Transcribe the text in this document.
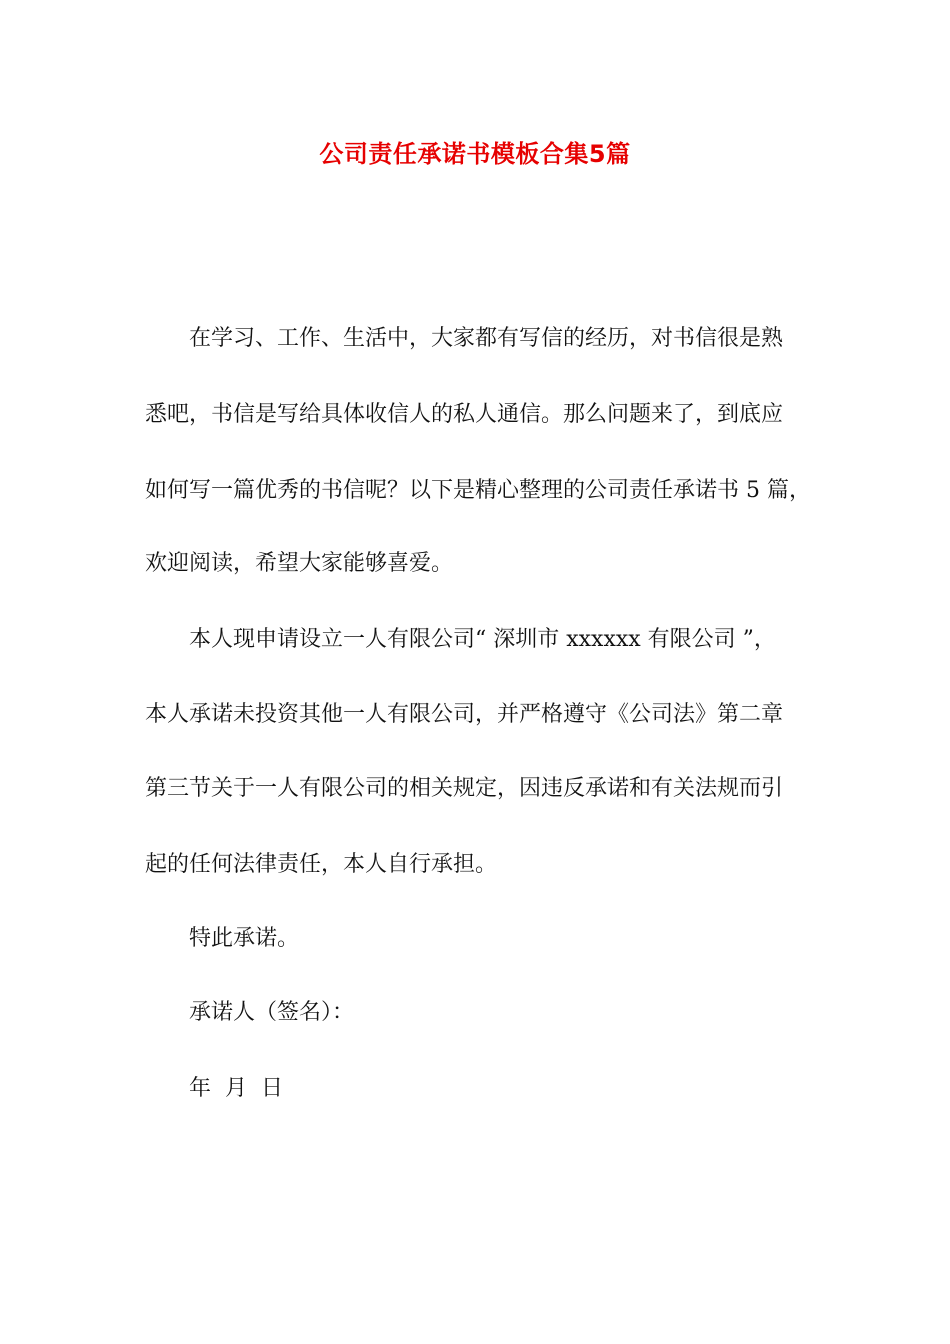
公司责任承诺书模板合集5篇
在学习、工作、生活中，大家都有写信的经历，对书信很是熟
悉吧，书信是写给具体收信人的私人通信。那么问题来了，到底应
如何写一篇优秀的书信呢？以下是精心整理的公司责任承诺书 5 篇，
欢迎阅读，希望大家能够喜爱。
本人现申请设立一人有限公司“ 深圳市 xxxxxx 有限公司 ”，
本人承诺未投资其他一人有限公司，并严格遵守《公司法》第二章
第三节关于一人有限公司的相关规定，因违反承诺和有关法规而引
起的任何法律责任，本人自行承担。
特此承诺。
承诺人（签名）：
年  月  日
